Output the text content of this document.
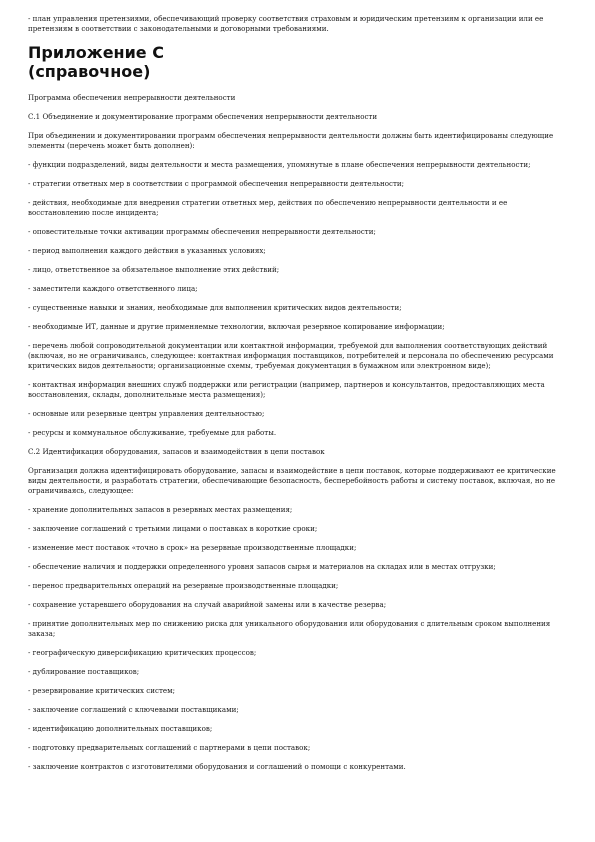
- план управления претензиями, обеспечивающий проверку соответствия страховым и юридическим претензиям к организации или ее претензиям в соответствии с законодательными и договорными требованиями.

Приложение С
(справочное)

Программа обеспечения непрерывности деятельности

С.1 Объединение и документирование программ обеспечения непрерывности деятельности

При объединении и документировании программ обеспечения непрерывности деятельности должны быть идентифицированы следующие элементы (перечень может быть дополнен):

- функции подразделений, виды деятельности и места размещения, упомянутые в плане обеспечения непрерывности деятельности;

- стратегии ответных мер в соответствии с программой обеспечения непрерывности деятельности;

- действия, необходимые для внедрения стратегии ответных мер, действия по обеспечению непрерывности деятельности и ее восстановлению после инцидента;

- оповестительные точки активации программы обеспечения непрерывности деятельности;

- период выполнения каждого действия в указанных условиях;

- лицо, ответственное за обязательное выполнение этих действий;

- заместители каждого ответственного лица;

- существенные навыки и знания, необходимые для выполнения критических видов деятельности;

- необходимые ИТ, данные и другие применяемые технологии, включая резервное копирование информации;

- перечень любой сопроводительной документации или контактной информации, требуемой для выполнения соответствующих действий (включая, но не ограничиваясь, следующее: контактная информация поставщиков, потребителей и персонала по обеспечению ресурсами критических видов деятельности; организационные схемы, требуемая документация в бумажном или электронном виде);

- контактная информация внешних служб поддержки или регистрации (например, партнеров и консультантов, предоставляющих места восстановления, склады, дополнительные места размещения);

- основные или резервные центры управления деятельностью;

- ресурсы и коммунальное обслуживание, требуемые для работы.

С.2 Идентификация оборудования, запасов и взаимодействия в цепи поставок

Организация должна идентифицировать оборудование, запасы и взаимодействие в цепи поставок, которые поддерживают ее критические виды деятельности, и разработать стратегии, обеспечивающие безопасность, бесперебойность работы и систему поставок, включая, но не ограничиваясь, следующее:

- хранение дополнительных запасов в резервных местах размещения;

- заключение соглашений с третьими лицами о поставках в короткие сроки;

- изменение мест поставок «точно в срок» на резервные производственные площадки;

- обеспечение наличия и поддержки определенного уровня запасов сырья и материалов на складах или в местах отгрузки;

- перенос предварительных операций на резервные производственные площадки;

- сохранение устаревшего оборудования на случай аварийной замены или в качестве резерва;

- принятие дополнительных мер по снижению риска для уникального оборудования или оборудования с длительным сроком выполнения заказа;

- географическую диверсификацию критических процессов;

- дублирование поставщиков;

- резервирование критических систем;

- заключение соглашений с ключевыми поставщиками;

- идентификацию дополнительных поставщиков;

- подготовку предварительных соглашений с партнерами в цепи поставок;

- заключение контрактов с изготовителями оборудования и соглашений о помощи с конкурентами.
